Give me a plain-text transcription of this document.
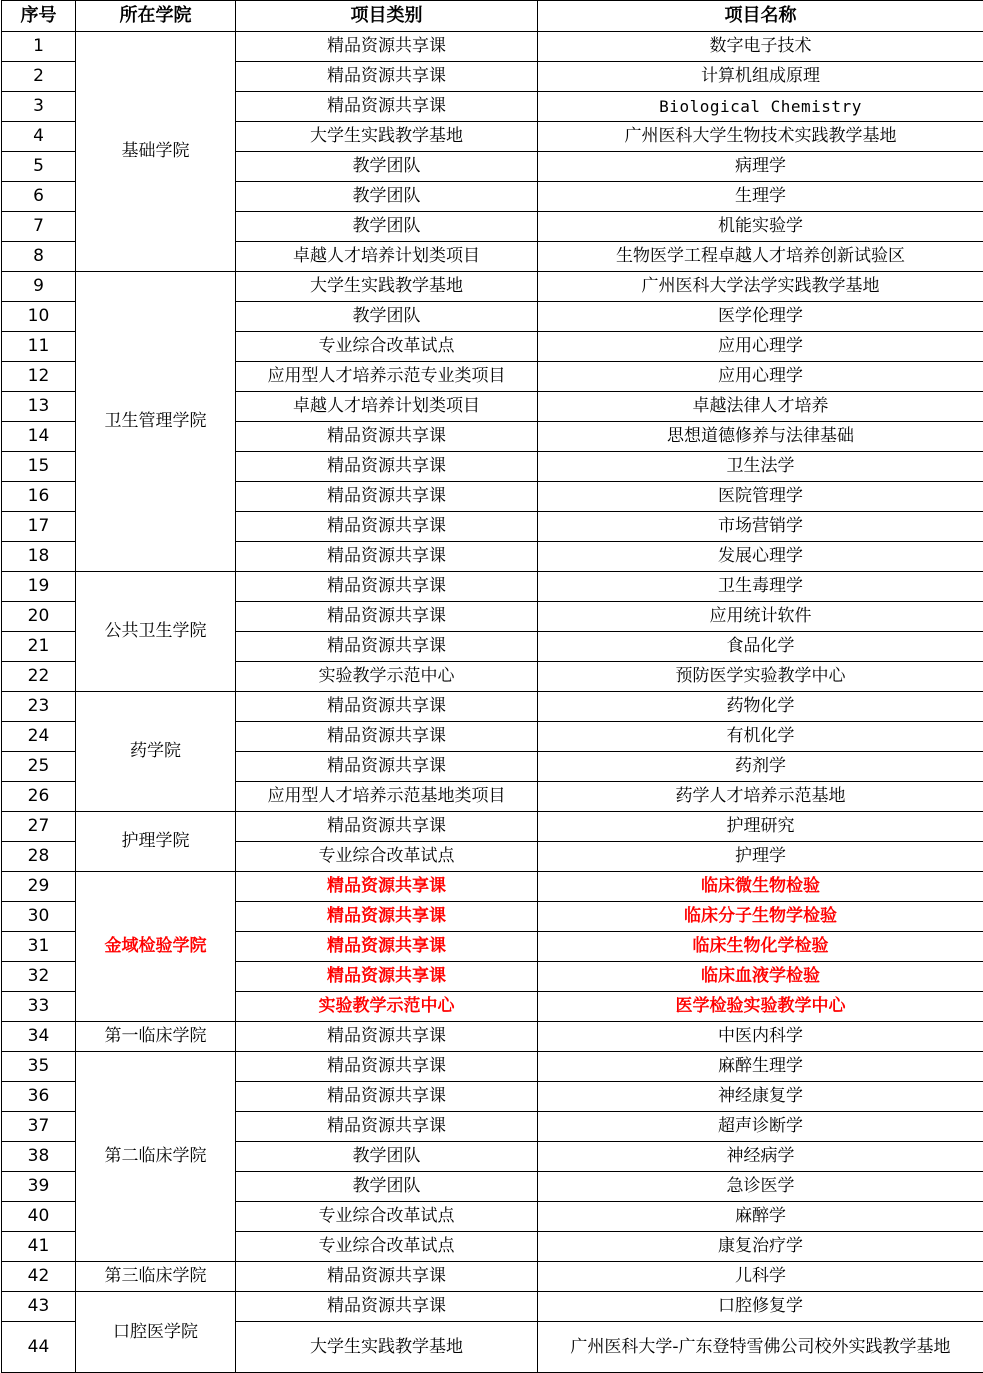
序号	所在学院	项目类别	项目名称
1	基础学院	精品资源共享课	数字电子技术
2		精品资源共享课	计算机组成原理
3		精品资源共享课	Biological Chemistry
4		大学生实践教学基地	广州医科大学生物技术实践教学基地
5		教学团队	病理学
6		教学团队	生理学
7		教学团队	机能实验学
8		卓越人才培养计划类项目	生物医学工程卓越人才培养创新试验区
9	卫生管理学院	大学生实践教学基地	广州医科大学法学实践教学基地
10		教学团队	医学伦理学
11		专业综合改革试点	应用心理学
12		应用型人才培养示范专业类项目	应用心理学
13		卓越人才培养计划类项目	卓越法律人才培养
14		精品资源共享课	思想道德修养与法律基础
15		精品资源共享课	卫生法学
16		精品资源共享课	医院管理学
17		精品资源共享课	市场营销学
18		精品资源共享课	发展心理学
19	公共卫生学院	精品资源共享课	卫生毒理学
20		精品资源共享课	应用统计软件
21		精品资源共享课	食品化学
22		实验教学示范中心	预防医学实验教学中心
23	药学院	精品资源共享课	药物化学
24		精品资源共享课	有机化学
25		精品资源共享课	药剂学
26		应用型人才培养示范基地类项目	药学人才培养示范基地
27	护理学院	精品资源共享课	护理研究
28		专业综合改革试点	护理学
29	金域检验学院	精品资源共享课	临床微生物检验
30		精品资源共享课	临床分子生物学检验
31		精品资源共享课	临床生物化学检验
32		精品资源共享课	临床血液学检验
33		实验教学示范中心	医学检验实验教学中心
34	第一临床学院	精品资源共享课	中医内科学
35	第二临床学院	精品资源共享课	麻醉生理学
36		精品资源共享课	神经康复学
37		精品资源共享课	超声诊断学
38		教学团队	神经病学
39		教学团队	急诊医学
40		专业综合改革试点	麻醉学
41		专业综合改革试点	康复治疗学
42	第三临床学院	精品资源共享课	儿科学
43	口腔医学院	精品资源共享课	口腔修复学
44		大学生实践教学基地	广州医科大学-广东登特雪佛公司校外实践教学基地
